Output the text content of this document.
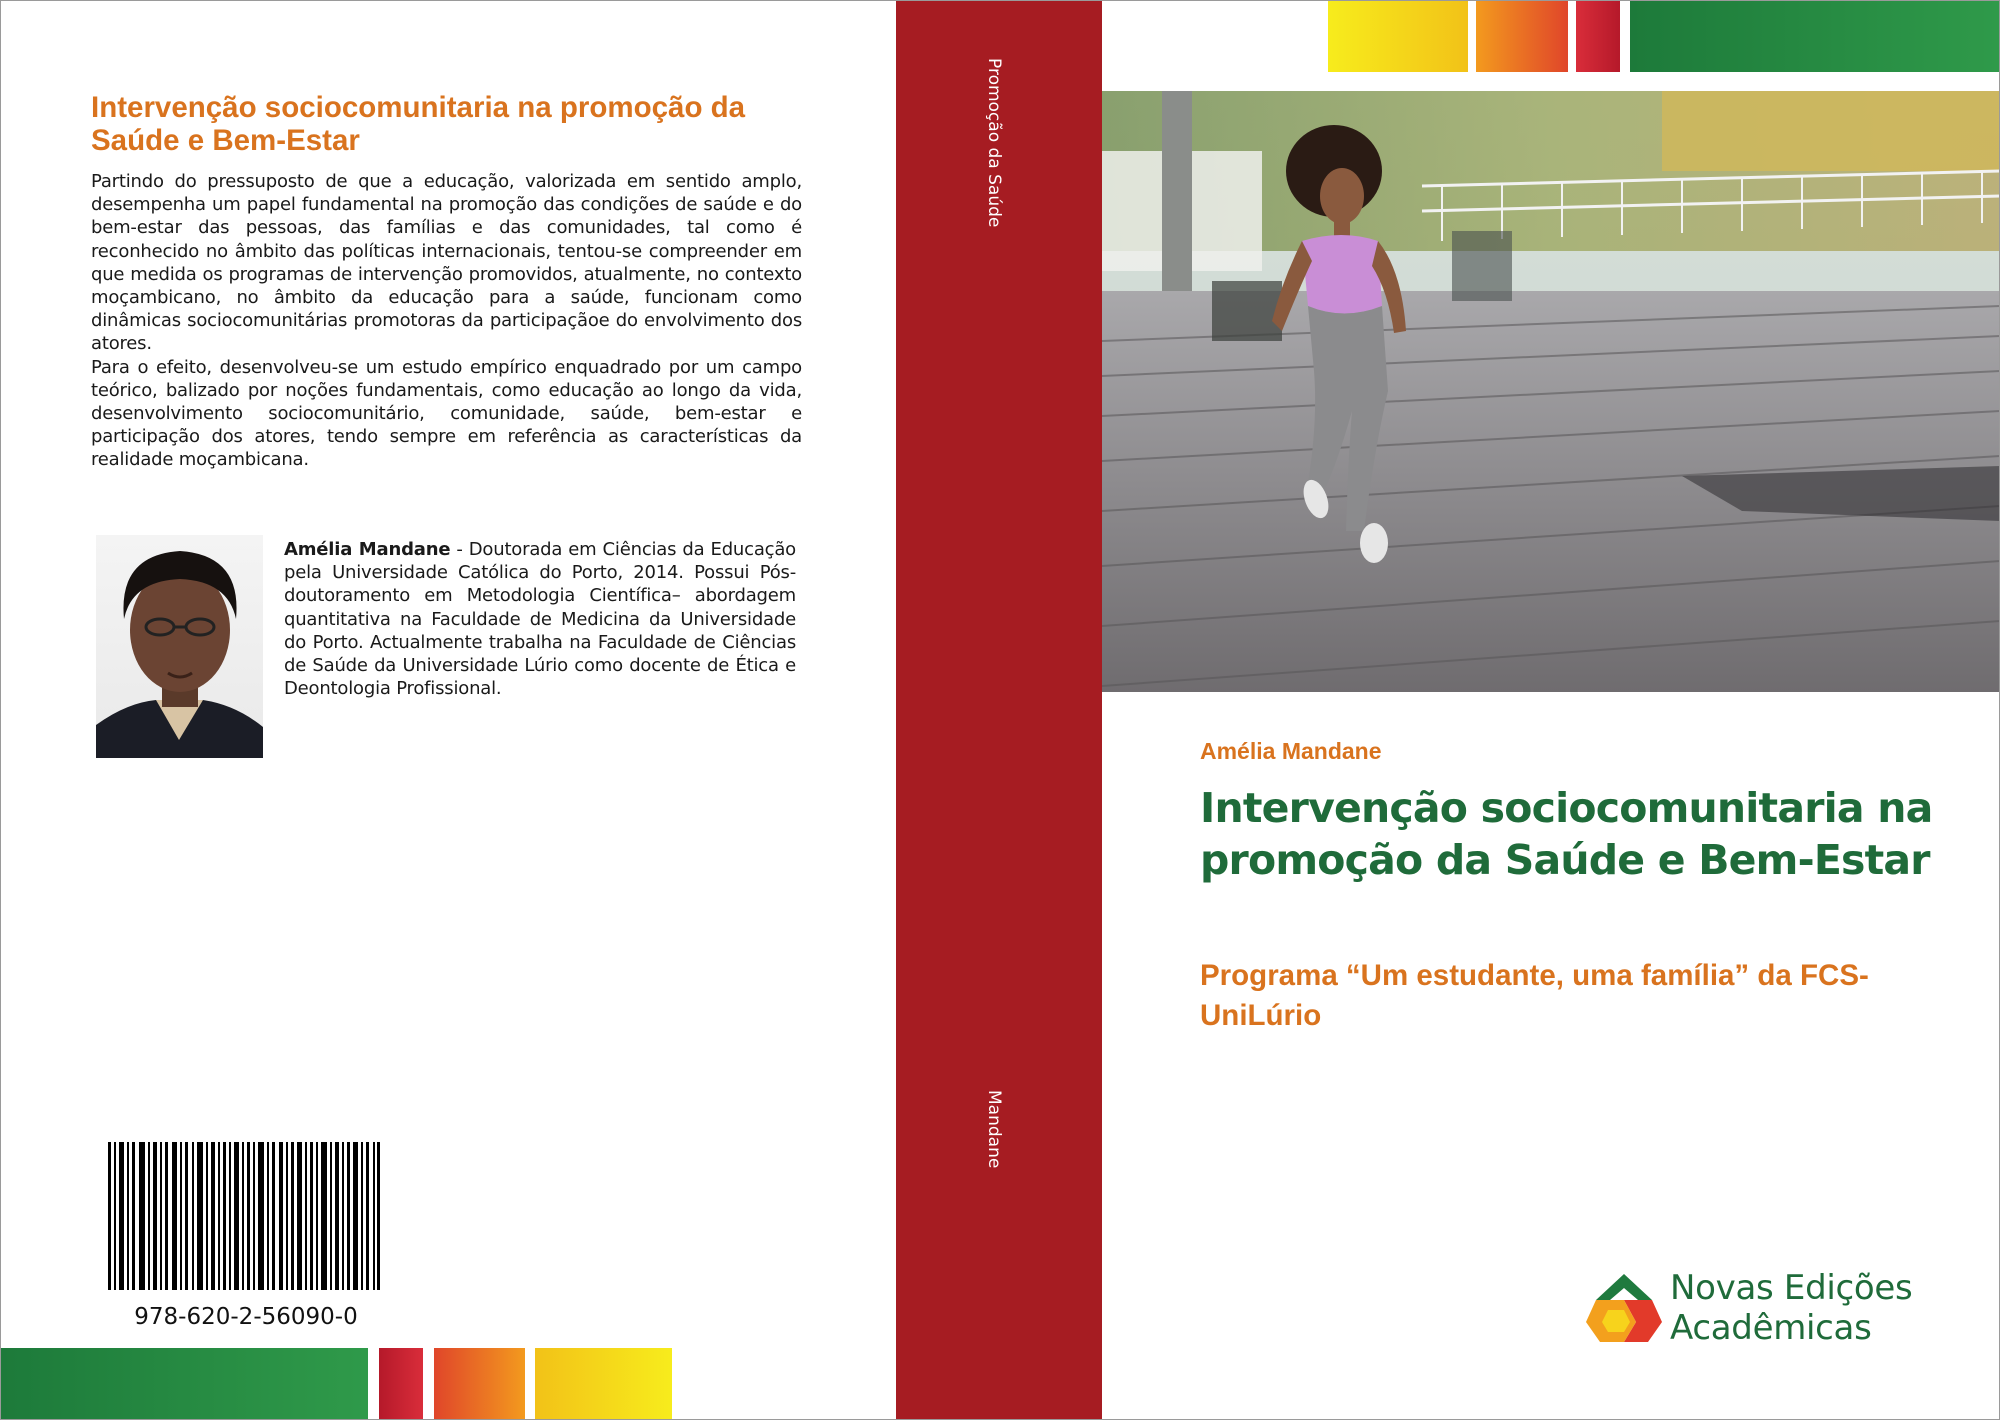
Intervenção sociocomunitaria na promoção da Saúde e Bem-Estar

Partindo do pressuposto de que a educação, valorizada em sentido amplo, desempenha um papel fundamental na promoção das condições de saúde e do bem-estar das pessoas, das famílias e das comunidades, tal como é reconhecido no âmbito das políticas internacionais, tentou-se compreender em que medida os programas de intervenção promovidos, atualmente, no contexto moçambicano, no âmbito da educação para a saúde, funcionam como dinâmicas sociocomunitárias promotoras da participaçãoe do envolvimento dos atores.

Para o efeito, desenvolveu-se um estudo empírico enquadrado por um campo teórico, balizado por noções fundamentais, como educação ao longo da vida, desenvolvimento sociocomunitário, comunidade, saúde, bem-estar e participação dos atores, tendo sempre em referência as características da realidade moçambicana.

Amélia Mandane - Doutorada em Ciências da Educação pela Universidade Católica do Porto, 2014. Possui Pós-doutoramento em Metodologia Científica– abordagem quantitativa na Faculdade de Medicina da Universidade do Porto. Actualmente trabalha na Faculdade de Ciências de Saúde da Universidade Lúrio como docente de Ética e Deontologia Profissional.
978-620-2-56090-0
Promoção da Saúde
Mandane
Amélia Mandane
Intervenção sociocomunitaria na promoção da Saúde e Bem-Estar
Programa “Um estudante, uma família” da FCS-UniLúrio
Novas Edições
Acadêmicas
